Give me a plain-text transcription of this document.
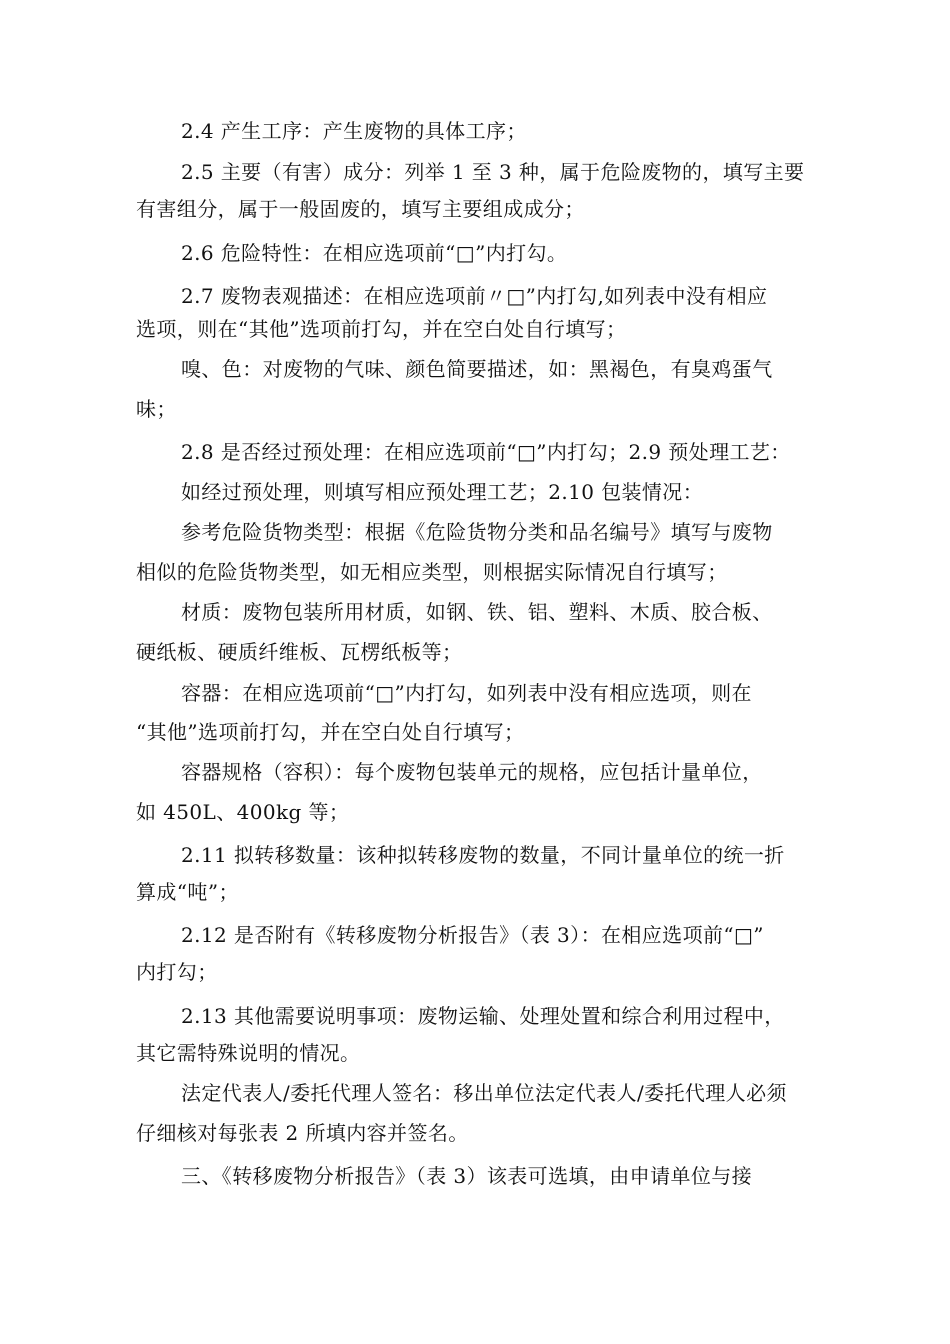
2.4 产生工序：产生废物的具体工序；
2.5 主要（有害）成分：列举 1 至 3 种，属于危险废物的，填写主要
有害组分，属于一般固废的，填写主要组成成分；
2.6 危险特性：在相应选项前“□”内打勾。
2.7 废物表观描述：在相应选项前〃□”内打勾,如列表中没有相应
选项，则在“其他”选项前打勾，并在空白处自行填写；
嗅、色：对废物的气味、颜色简要描述，如：黑褐色，有臭鸡蛋气
味；
2.8 是否经过预处理：在相应选项前“□”内打勾；2.9 预处理工艺：
如经过预处理，则填写相应预处理工艺；2.10 包装情况：
参考危险货物类型：根据《危险货物分类和品名编号》填写与废物
相似的危险货物类型，如无相应类型，则根据实际情况自行填写；
材质：废物包装所用材质，如钢、铁、铝、塑料、木质、胶合板、
硬纸板、硬质纤维板、瓦楞纸板等；
容器：在相应选项前“□”内打勾，如列表中没有相应选项，则在
“其他”选项前打勾，并在空白处自行填写；
容器规格（容积）：每个废物包装单元的规格，应包括计量单位，
如 450L、400kg 等；
2.11 拟转移数量：该种拟转移废物的数量，不同计量单位的统一折
算成“吨”；
2.12 是否附有《转移废物分析报告》（表 3）：在相应选项前“□”
内打勾；
2.13 其他需要说明事项：废物运输、处理处置和综合利用过程中，
其它需特殊说明的情况。
法定代表人/委托代理人签名：移出单位法定代表人/委托代理人必须
仔细核对每张表 2 所填内容并签名。
三、《转移废物分析报告》（表 3）该表可选填，由申请单位与接
